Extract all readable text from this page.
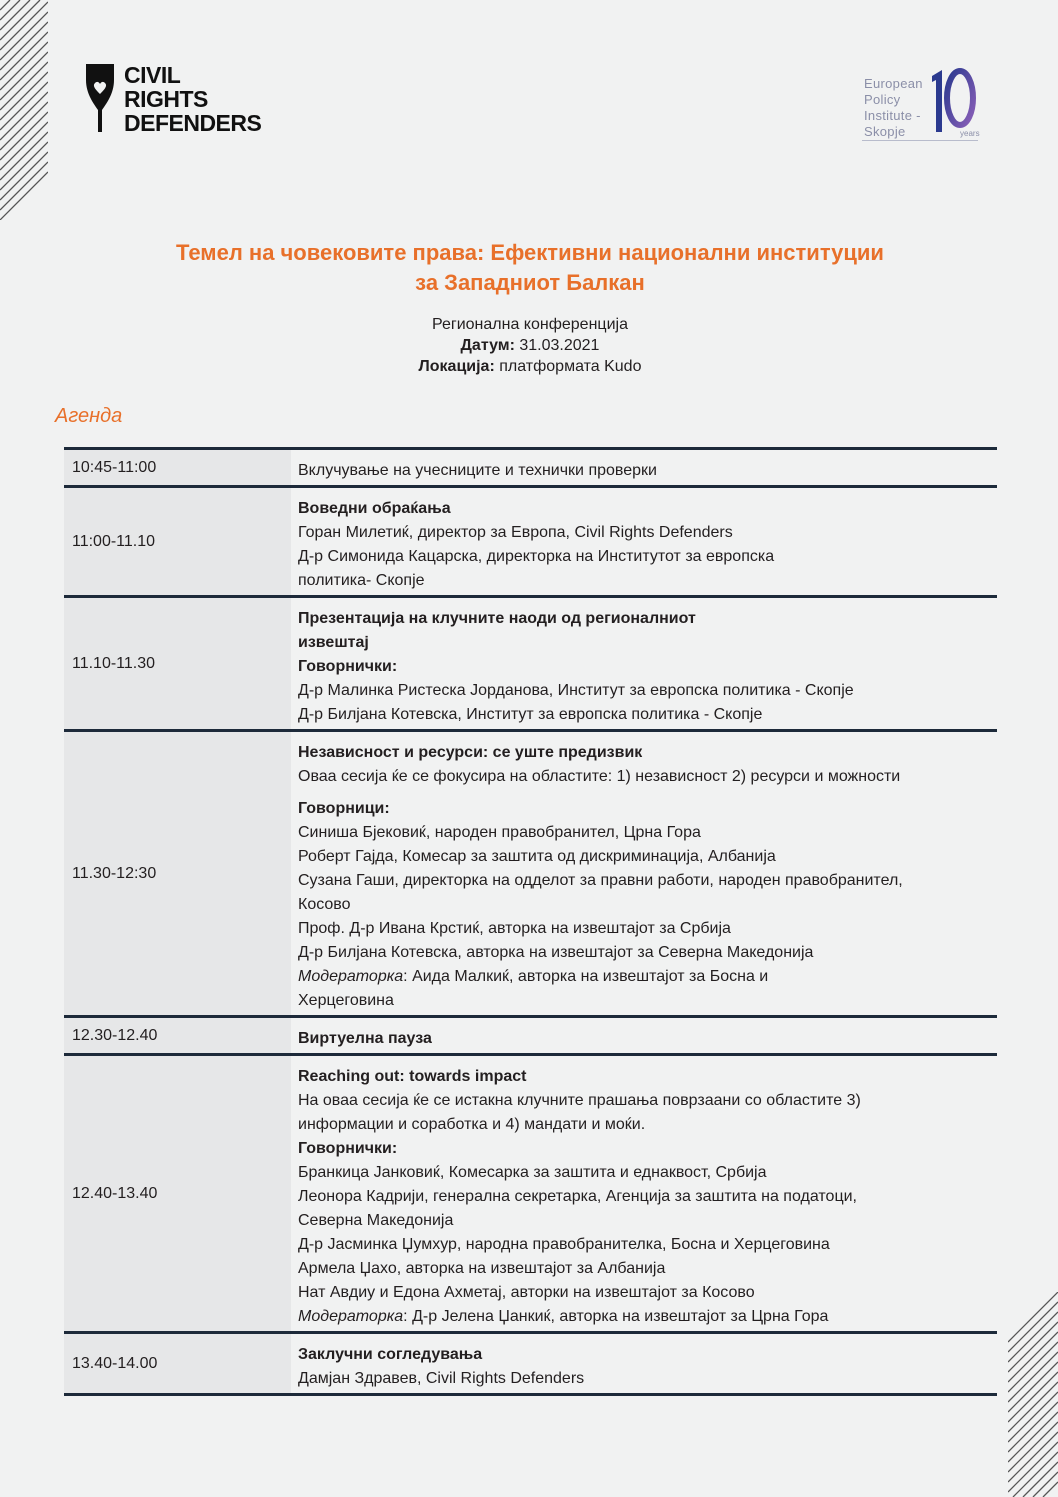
CIVIL
RIGHTS
DEFENDERS
European
Policy
Institute -
Skopje	years
Темел на човековите права: Ефективни национални институции
за Западниот Балкан
Регионална конференција
Датум: 31.03.2021
Локација: платформата Kudo
Агенда
10:45-11:00	Вклучување на учесниците и технички проверки
11:00-11.10
Воведни обраќања
Горан Милетиќ, директор за Европа, Civil Rights Defenders
Д-р Симонида Кацарска, директорка на Институтот за европска
политика- Скопје
11.10-11.30
Презентација на клучните наоди од регионалниот
извештај
Говорнички:
Д-р Малинка Ристеска Јорданова, Институт за европска политика - Скопје
Д-р Билјана Котевска, Институт за европска политика - Скопје
11.30-12:30
Независност и ресурси: се уште предизвик
Оваа сесија ќе се фокусира на областите: 1) независност 2) ресурси и можности
Говорници:
Синиша Бјековиќ, народен правобранител, Црна Гора
Роберт Гајда, Комесар за заштита од дискриминација, Албанија
Сузана Гаши, директорка на одделот за правни работи, народен правобранител,
Косово
Проф. Д-р Ивана Крстиќ, авторка на извештајот за Србија
Д-р Билјана Котевска, авторка на извештајот за Северна Македонија
Модераторка: Аида Малкиќ, авторка на извештајот за Босна и
Херцеговина
12.30-12.40	Виртуелна пауза
12.40-13.40
Reaching out: towards impact
На оваа сесија ќе се истакна клучните прашања поврзаани со областите 3)
информации и соработка и 4) мандати и моќи.
Говорнички:
Бранкица Јанковиќ, Комесарка за заштита и еднаквост, Србија
Леонора Кадрији, генерална секретарка, Агенција за заштита на податоци,
Северна Македонија
Д-р Јасминка Џумхур, народна правобранителка, Босна и Херцеговина
Армела Џахо, авторка на извештајот за Албанија
Нат Авдиу и Едона Ахметај, авторки на извештајот за Косово
Модераторка: Д-р Јелена Џанкиќ, авторка на извештајот за Црна Гора
13.40-14.00	Заклучни согледувања
Дамјан Здравев, Civil Rights Defenders
